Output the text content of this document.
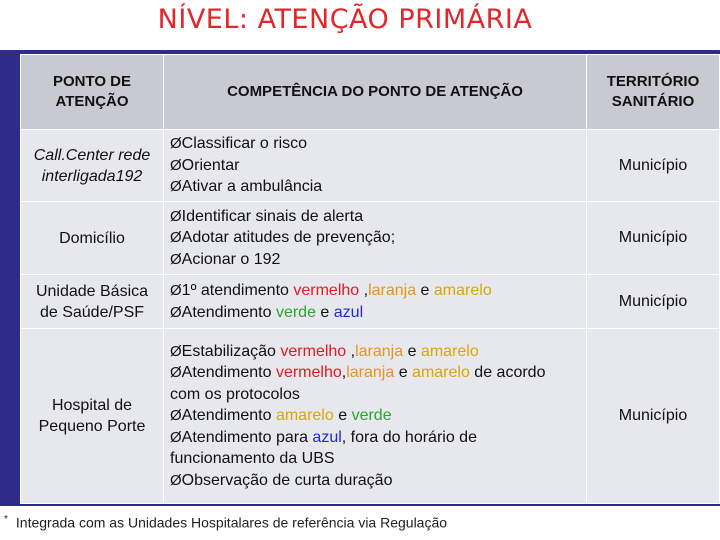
NÍVEL: ATENÇÃO PRIMÁRIA
PONTO DE ATENÇÃO	COMPETÊNCIA DO PONTO DE ATENÇÃO	TERRITÓRIO SANITÁRIO
Call.Center rede interligada192	ØClassificar o risco
ØOrientar
ØAtivar a ambulância	Município
Domicílio	ØIdentificar sinais de alerta
ØAdotar atitudes de prevenção;
ØAcionar o 192	Município
Unidade Básica de Saúde/PSF	Ø1º atendimento vermelho ,laranja e amarelo
ØAtendimento verde e azul	Município
Hospital de Pequeno Porte	ØEstabilização vermelho ,laranja e amarelo
ØAtendimento vermelho,laranja e amarelo de acordo com os protocolos
ØAtendimento amarelo e verde
ØAtendimento para azul, fora do horário de funcionamento da UBS
ØObservação de curta duração	Município
* Integrada com as Unidades Hospitalares de referência via Regulação
